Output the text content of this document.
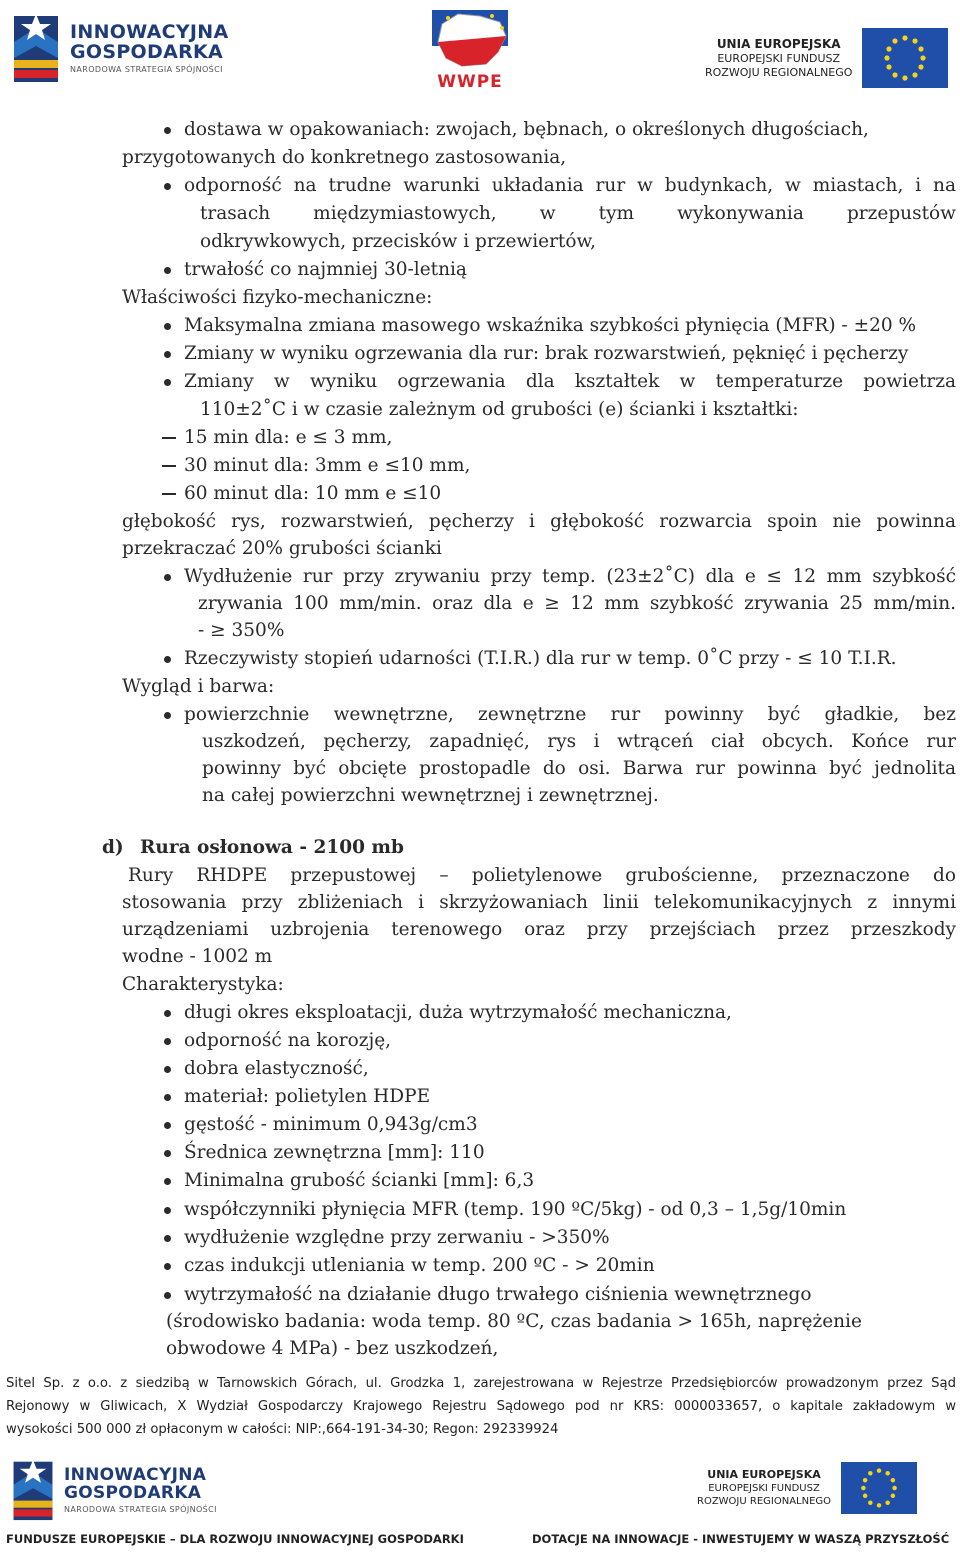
INNOWACYJNA
GOSPODARKA
NARODOWA STRATEGIA SPÓJNOŚCI
WWPE
UNIA EUROPEJSKA
EUROPEJSKI FUNDUSZ
ROZWOJU REGIONALNEGO
dostawa w opakowaniach: zwojach, bębnach, o określonych długościach,
przygotowanych do konkretnego zastosowania,
odporność na trudne warunki układania rur w budynkach, w miastach, i na
trasach międzymiastowych, w tym wykonywania przepustów
odkrywkowych, przecisków i przewiertów,
trwałość co najmniej 30-letnią
Właściwości fizyko-mechaniczne:
Maksymalna zmiana masowego wskaźnika szybkości płynięcia (MFR) - ±20 %
Zmiany w wyniku ogrzewania dla rur: brak rozwarstwień, pęknięć i pęcherzy
Zmiany w wyniku ogrzewania dla kształtek w temperaturze powietrza
110±2˚C i w czasie zależnym od grubości (e) ścianki i kształtki:
15 min dla: e ≤ 3 mm,
30 minut dla: 3mm e ≤10 mm,
60 minut dla: 10 mm e ≤10
głębokość rys, rozwarstwień, pęcherzy i głębokość rozwarcia spoin nie powinna
przekraczać 20% grubości ścianki
Wydłużenie rur przy zrywaniu przy temp. (23±2˚C) dla e ≤ 12 mm szybkość
zrywania 100 mm/min. oraz dla e ≥ 12 mm szybkość zrywania 25 mm/min.
- ≥ 350%
Rzeczywisty stopień udarności (T.I.R.) dla rur w temp. 0˚C przy - ≤ 10 T.I.R.
Wygląd i barwa:
powierzchnie wewnętrzne, zewnętrzne rur powinny być gładkie, bez
uszkodzeń, pęcherzy, zapadnięć, rys i wtrąceń ciał obcych. Końce rur
powinny być obcięte prostopadle do osi. Barwa rur powinna być jednolita
na całej powierzchni wewnętrznej i zewnętrznej.
d) Rura osłonowa - 2100 mb
Rury RHDPE przepustowej – polietylenowe grubościenne, przeznaczone do
stosowania przy zbliżeniach i skrzyżowaniach linii telekomunikacyjnych z innymi
urządzeniami uzbrojenia terenowego oraz przy przejściach przez przeszkody
wodne - 1002 m
Charakterystyka:
długi okres eksploatacji, duża wytrzymałość mechaniczna,
odporność na korozję,
dobra elastyczność,
materiał: polietylen HDPE
gęstość - minimum 0,943g/cm3
Średnica zewnętrzna [mm]: 110
Minimalna grubość ścianki [mm]: 6,3
współczynniki płynięcia MFR (temp. 190 ºC/5kg) - od 0,3 – 1,5g/10min
wydłużenie względne przy zerwaniu - >350%
czas indukcji utleniania w temp. 200 ºC - > 20min
wytrzymałość na działanie długo trwałego ciśnienia wewnętrznego
(środowisko badania: woda temp. 80 ºC, czas badania > 165h, naprężenie
obwodowe 4 MPa) - bez uszkodzeń,
Sitel Sp. z o.o. z siedzibą w Tarnowskich Górach, ul. Grodzka 1, zarejestrowana w Rejestrze Przedsiębiorców prowadzonym przez Sąd
Rejonowy w Gliwicach, X Wydział Gospodarczy Krajowego Rejestru Sądowego pod nr KRS: 0000033657, o kapitale zakładowym w
wysokości 500 000 zł opłaconym w całości: NIP:,664-191-34-30; Regon: 292339924
INNOWACYJNA
GOSPODARKA
NARODOWA STRATEGIA SPÓJNOŚCI
UNIA EUROPEJSKA
EUROPEJSKI FUNDUSZ
ROZWOJU REGIONALNEGO
FUNDUSZE EUROPEJSKIE – DLA ROZWOJU INNOWACYJNEJ GOSPODARKI	DOTACJE NA INNOWACJE - INWESTUJEMY W WASZĄ PRZYSZŁOŚĆ
